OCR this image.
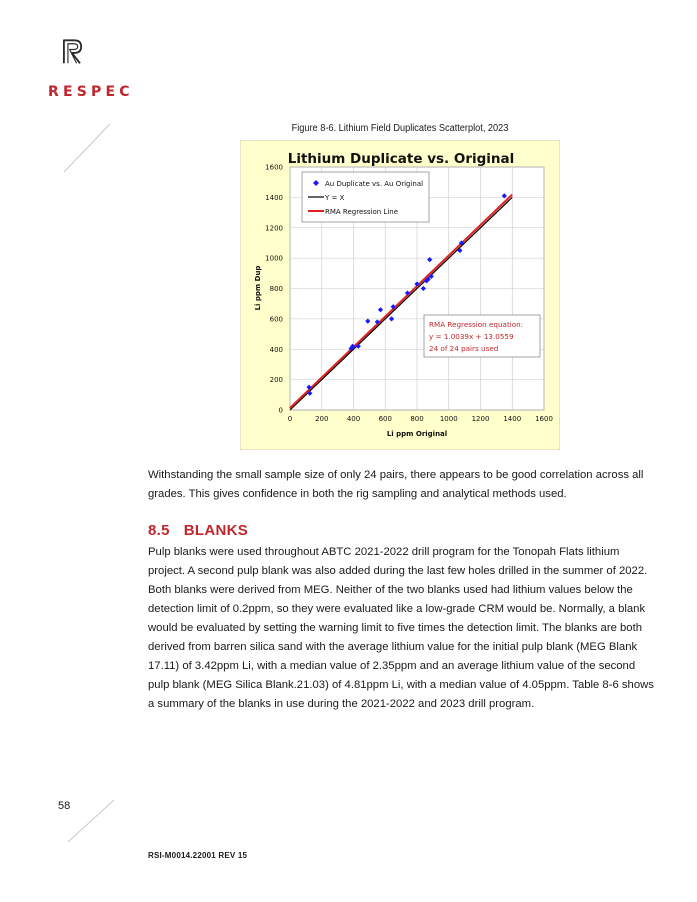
RESPEC
Figure 8-6. Lithium Field Duplicates Scatterplot, 2023
Lithium Duplicate vs. Original
0	200	400	600	800 1000 1200 1400 1600
0
200
400
600
800
1000
1200
1400
1600
Li ppm Original
Li ppm Dup
Au Duplicate vs. Au Original
Y = X
RMA Regression Line
RMA Regression equation:
y = 1.0039x + 13.0559
24 of 24 pairs used
Withstanding the small sample size of only 24 pairs, there appears to be good correlation across all grades. This gives confidence in both the rig sampling and analytical methods used.
8.5 BLANKS
Pulp blanks were used throughout ABTC 2021-2022 drill program for the Tonopah Flats lithium project. A second pulp blank was also added during the last few holes drilled in the summer of 2022. Both blanks were derived from MEG. Neither of the two blanks used had lithium values below the detection limit of 0.2ppm, so they were evaluated like a low-grade CRM would be. Normally, a blank would be evaluated by setting the warning limit to five times the detection limit. The blanks are both derived from barren silica sand with the average lithium value for the initial pulp blank (MEG Blank 17.11) of 3.42ppm Li, with a median value of 2.35ppm and an average lithium value of the second pulp blank (MEG Silica Blank.21.03) of 4.81ppm Li, with a median value of 4.05ppm. Table 8-6 shows a summary of the blanks in use during the 2021-2022 and 2023 drill program.
58
RSI-M0014.22001 REV 15
